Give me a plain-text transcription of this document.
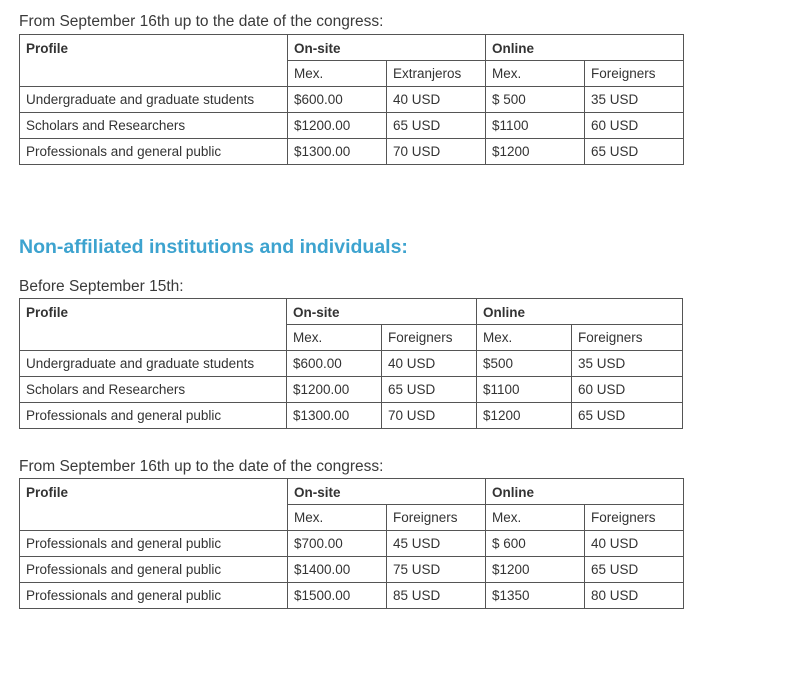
From September 16th up to the date of the congress:
Profile	On-site		Online	
	Mex.	Extranjeros	Mex.	Foreigners
Undergraduate and graduate students	$600.00	40 USD	$ 500	35 USD
Scholars and Researchers	$1200.00	65 USD	$1100	60 USD
Professionals and general public	$1300.00	70 USD	$1200	65 USD
Non-affiliated institutions and individuals:
Before September 15th:
Profile	On-site		Online	
	Mex.	Foreigners	Mex.	Foreigners
Undergraduate and graduate students	$600.00	40 USD	$500	35 USD
Scholars and Researchers	$1200.00	65 USD	$1100	60 USD
Professionals and general public	$1300.00	70 USD	$1200	65 USD
From September 16th up to the date of the congress:
Profile	On-site		Online	
	Mex.	Foreigners	Mex.	Foreigners
Professionals and general public	$700.00	45 USD	$ 600	40 USD
Professionals and general public	$1400.00	75 USD	$1200	65 USD
Professionals and general public	$1500.00	85 USD	$1350	80 USD
